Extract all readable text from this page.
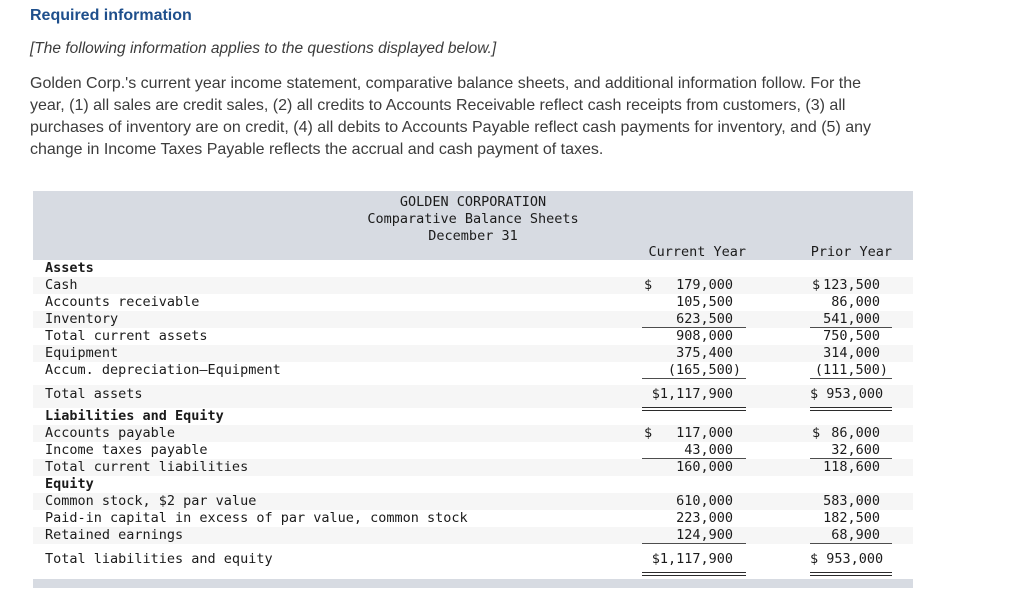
Required information
[The following information applies to the questions displayed below.]
Golden Corp.'s current year income statement, comparative balance sheets, and additional information follow. For the
year, (1) all sales are credit sales, (2) all credits to Accounts Receivable reflect cash receipts from customers, (3) all
purchases of inventory are on credit, (4) all debits to Accounts Payable reflect cash payments for inventory, and (5) any
change in Income Taxes Payable reflects the accrual and cash payment of taxes.
GOLDEN CORPORATION
Comparative Balance Sheets
December 31
Current Year	Prior Year
Assets
Cash	$ 179,000	$ 123,500
Accounts receivable	105,500	86,000
Inventory	623,500	541,000
Total current assets	908,000	750,500
Equipment	375,400	314,000
Accum. depreciation–Equipment	(165,500)	(111,500)
Total assets	$1,117,900	$ 953,000
Liabilities and Equity
Accounts payable	$ 117,000	$ 86,000
Income taxes payable	43,000	32,600
Total current liabilities	160,000	118,600
Equity
Common stock, $2 par value	610,000	583,000
Paid-in capital in excess of par value, common stock	223,000	182,500
Retained earnings	124,900	68,900
Total liabilities and equity	$1,117,900	$ 953,000
